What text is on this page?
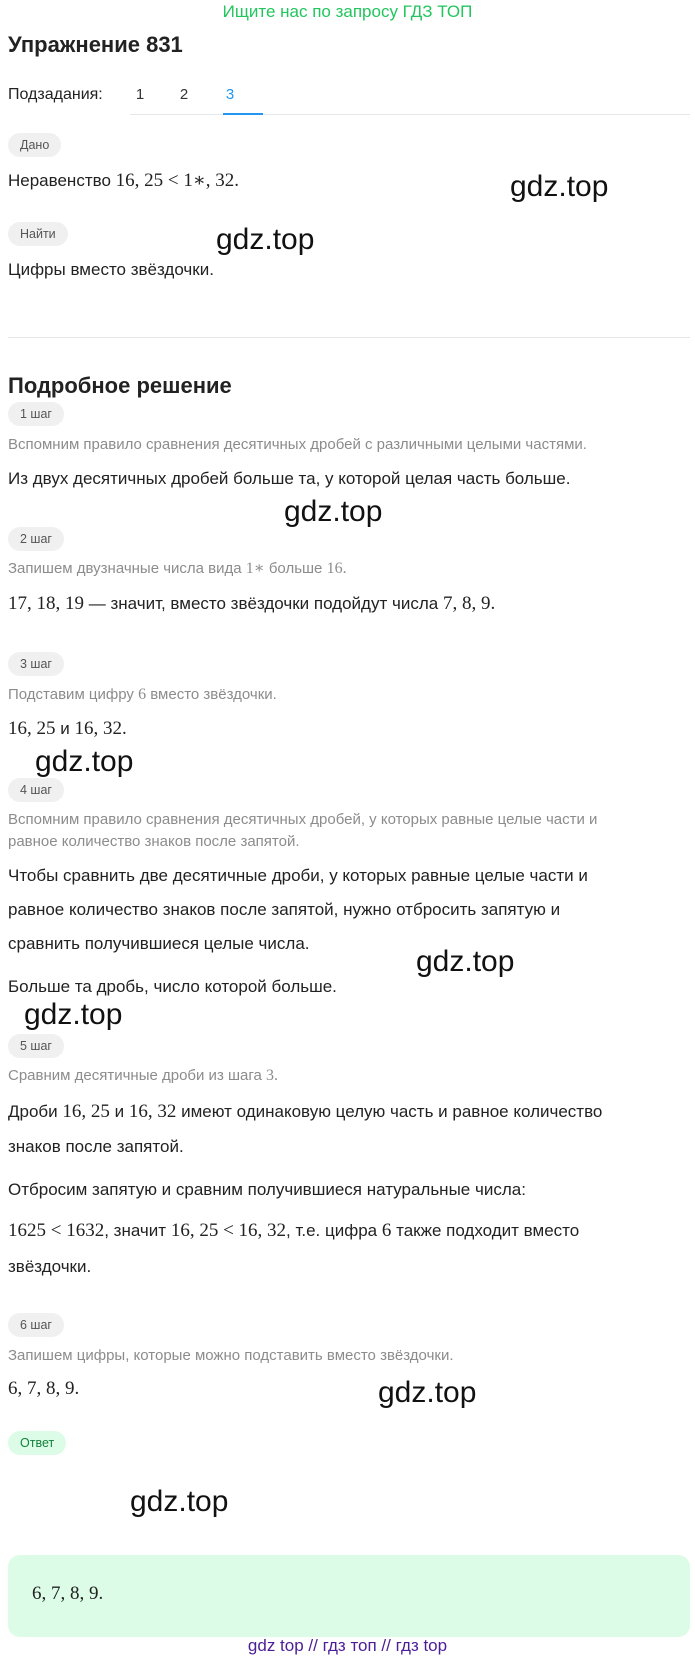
Ищите нас по запросу ГДЗ ТОП
Упражнение 831
Подзадания:	1	2	3
Дано
Неравенство 16, 25 < 1∗, 32.
Найти
Цифры вместо звёздочки.
Подробное решение
1 шаг
Вспомним правило сравнения десятичных дробей с различными целыми частями.
Из двух десятичных дробей больше та, у которой целая часть больше.
2 шаг
Запишем двузначные числа вида 1∗ больше 16.
17, 18, 19 — значит, вместо звёздочки подойдут числа 7, 8, 9.
3 шаг
Подставим цифру 6 вместо звёздочки.
16, 25 и 16, 32.
4 шаг
Вспомним правило сравнения десятичных дробей, у которых равные целые части и
равное количество знаков после запятой.
Чтобы сравнить две десятичные дроби, у которых равные целые части и
равное количество знаков после запятой, нужно отбросить запятую и
сравнить получившиеся целые числа.
Больше та дробь, число которой больше.
5 шаг
Сравним десятичные дроби из шага 3.
Дроби 16, 25 и 16, 32 имеют одинаковую целую часть и равное количество
знаков после запятой.
Отбросим запятую и сравним получившиеся натуральные числа:
1625 < 1632, значит 16, 25 < 16, 32, т.е. цифра 6 также подходит вместо
звёздочки.
6 шаг
Запишем цифры, которые можно подставить вместо звёздочки.
6, 7, 8, 9.
Ответ
6, 7, 8, 9.
gdz.top
gdz.top
gdz.top
gdz.top
gdz.top
gdz.top
gdz.top
gdz.top
gdz top // гдз топ // гдз top
